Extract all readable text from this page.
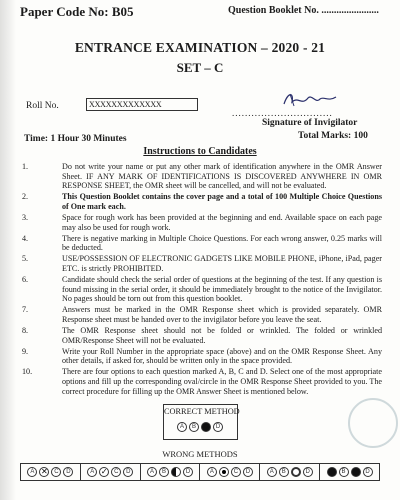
Paper Code No: B05	Question Booklet No. .......................
ENTRANCE EXAMINATION – 2020 - 21
SET – C
Roll No.	XXXXXXXXXXXXX
...............................
Signature of Invigilator
Time: 1 Hour 30 Minutes	Total Marks: 100
Instructions to Candidates
1.	Do not write your name or put any other mark of identification anywhere in the OMR Answer Sheet. IF ANY MARK OF IDENTIFICATIONS IS DISCOVERED ANYWHERE IN OMR RESPONSE SHEET, the OMR sheet will be cancelled, and will not be evaluated.
2.	This Question Booklet contains the cover page and a total of 100 Multiple Choice Questions of One mark each.
3.	Space for rough work has been provided at the beginning and end. Available space on each page may also be used for rough work.
4.	There is negative marking in Multiple Choice Questions. For each wrong answer, 0.25 marks will be deducted.
5.	USE/POSSESSION OF ELECTRONIC GADGETS LIKE MOBILE PHONE, iPhone, iPad, pager ETC. is strictly PROHIBITED.
6.	Candidate should check the serial order of questions at the beginning of the test. If any question is found missing in the serial order, it should be immediately brought to the notice of the Invigilator. No pages should be torn out from this question booklet.
7.	Answers must be marked in the OMR Response sheet which is provided separately. OMR Response sheet must be handed over to the invigilator before you leave the seat.
8.	The OMR Response sheet should not be folded or wrinkled. The folded or wrinkled OMR/Response Sheet will not be evaluated.
9.	Write your Roll Number in the appropriate space (above) and on the OMR Response Sheet. Any other details, if asked for, should be written only in the space provided.
10.	There are four options to each question marked A, B, C and D. Select one of the most appropriate options and fill up the corresponding oval/circle in the OMR Response Sheet provided to you. The correct procedure for filling up the OMR Answer Sheet is mentioned below.
CORRECT METHOD
A	B	C	D
WRONG METHODS
A ✕	C	D	A ✓	C	D	A	B	D	A	C	D	A	B	D	B	D
